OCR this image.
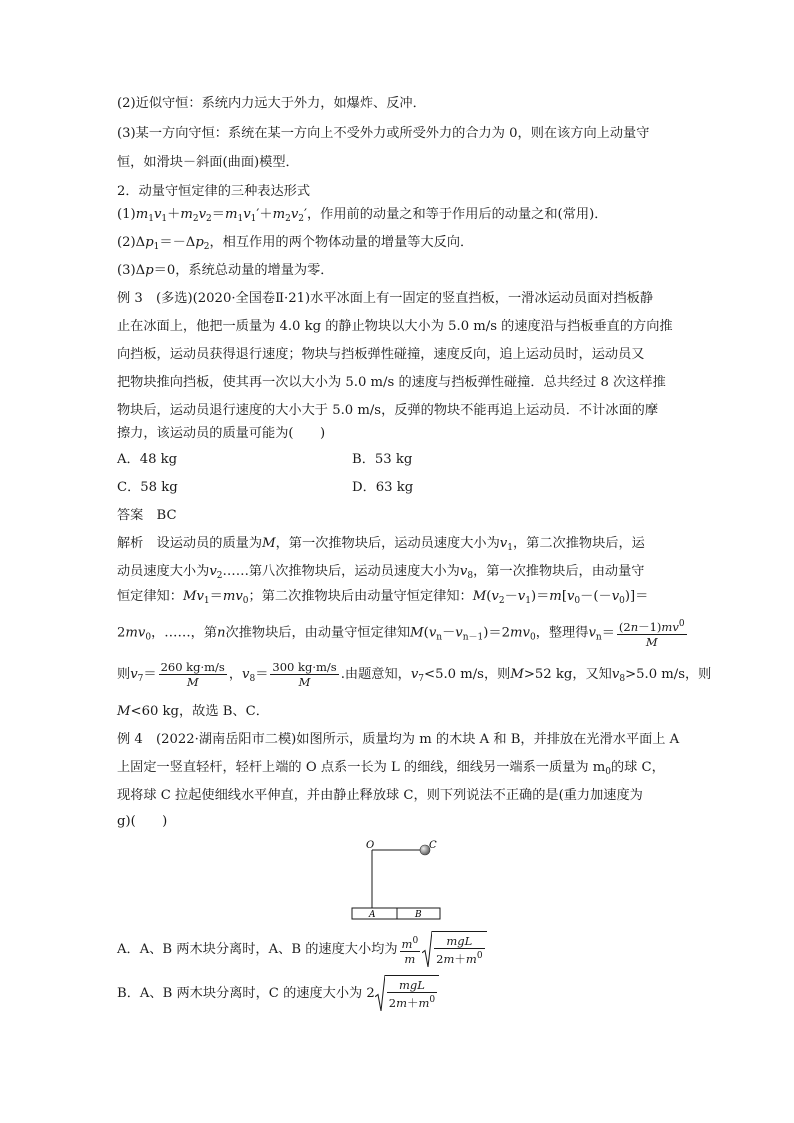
(2)近似守恒：系统内力远大于外力，如爆炸、反冲．
(3)某一方向守恒：系统在某一方向上不受外力或所受外力的合力为 0，则在该方向上动量守
恒，如滑块－斜面(曲面)模型．
2．动量守恒定律的三种表达形式
$(1)m_1v_1+m_2v_2=m_1v_1'+m_2v_2'$，作用前的动量之和等于作用后的动量之和(常用)．
$(2)\Delta p_1=-\Delta p_2$，相互作用的两个物体动量的增量等大反向．
(3)Δp＝0，系统总动量的增量为零．
例 3　(多选)(2020·全国卷Ⅱ·21)水平冰面上有一固定的竖直挡板，一滑冰运动员面对挡板静
止在冰面上，他把一质量为 4.0 kg 的静止物块以大小为 5.0 m/s 的速度沿与挡板垂直的方向推
向挡板，运动员获得退行速度；物块与挡板弹性碰撞，速度反向，追上运动员时，运动员又
把物块推向挡板，使其再一次以大小为 5.0 m/s 的速度与挡板弹性碰撞．总共经过 8 次这样推
物块后，运动员退行速度的大小大于 5.0 m/s，反弹的物块不能再追上运动员．不计冰面的摩
擦力，该运动员的质量可能为(　　)
A．48 kg	B．53 kg
C．58 kg	D．63 kg
答案　BC
解析　设运动员的质量为M，第一次推物块后，运动员速度大小为$v_1$，第二次推物块后，运
动员速度大小为$v_2\dots\dots$第八次推物块后，运动员速度大小为$v_8$，第一次推物块后，由动量守
恒定律知：$Mv_1=mv_0$；第二次推物块后由动量守恒定律知：$M(v_2-v_1)=m[v_0-(-v_0)]=$
$2mv_0$，……，第n次推物块后，由动量守恒定律知$M(v_n-v_{n-1})=2mv_0$，整理得$v_n= \frac{(2n-1)mv^0}{M}$
则$v_7= \frac{260 kg\cdot m/s}{M}$ ，$v_8= \frac{300 kg\cdot m/s}{M}$ .由题意知，$v_7<5.0$ m/s，则M>52 kg，又知$v_8>5.0$ m/s，则
M<60 kg，故选 B、C．
例 4　(2022·湖南岳阳市二模)如图所示，质量均为 m 的木块 A 和 B，并排放在光滑水平面上 A
上固定一竖直轻杆，轻杆上端的 O 点系一长为 L 的细线，细线另一端系一质量为 $m_0$的球 C，
现将球 C 拉起使细线水平伸直，并由静止释放球 C，则下列说法不正确的是(重力加速度为
g)(　　)
O	C
A	B
A．A、B 两木块分离时，A、B 的速度大小均为 $\frac{m^0}{m} \frac{\text{mgL}}{2m+m^0}$
B．A、B 两木块分离时，C 的速度大小为 $2 \frac{\text{mgL}}{2m+m^0}$
